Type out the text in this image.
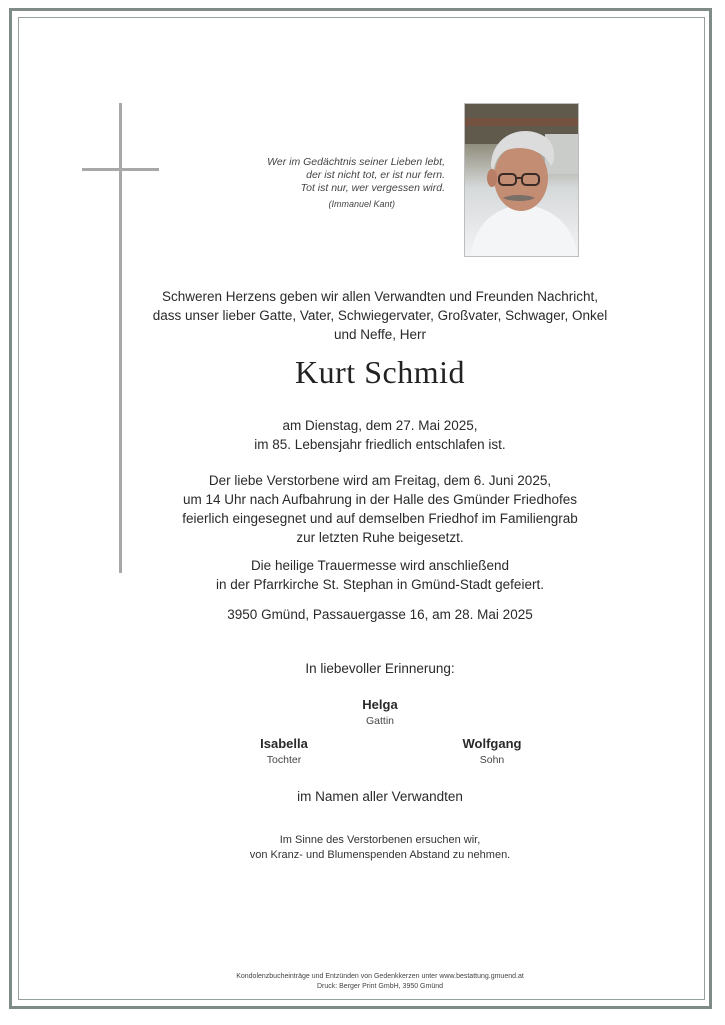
Wer im Gedächtnis seiner Lieben lebt,
der ist nicht tot, er ist nur fern.
Tot ist nur, wer vergessen wird.
(Immanuel Kant)
Schweren Herzens geben wir allen Verwandten und Freunden Nachricht,
dass unser lieber Gatte, Vater, Schwiegervater, Großvater, Schwager, Onkel
und Neffe, Herr
Kurt Schmid
am Dienstag, dem 27. Mai 2025,
im 85. Lebensjahr friedlich entschlafen ist.
Der liebe Verstorbene wird am Freitag, dem 6. Juni 2025,
um 14 Uhr nach Aufbahrung in der Halle des Gmünder Friedhofes
feierlich eingesegnet und auf demselben Friedhof im Familiengrab
zur letzten Ruhe beigesetzt.
Die heilige Trauermesse wird anschließend
in der Pfarrkirche St. Stephan in Gmünd-Stadt gefeiert.
3950 Gmünd, Passauergasse 16, am 28. Mai 2025
In liebevoller Erinnerung:
Helga
Gattin
Isabella
Tochter
Wolfgang
Sohn
im Namen aller Verwandten
Im Sinne des Verstorbenen ersuchen wir,
von Kranz- und Blumenspenden Abstand zu nehmen.
Kondolenzbucheinträge und Entzünden von Gedenkkerzen unter www.bestattung.gmuend.at
Druck: Berger Print GmbH, 3950 Gmünd
